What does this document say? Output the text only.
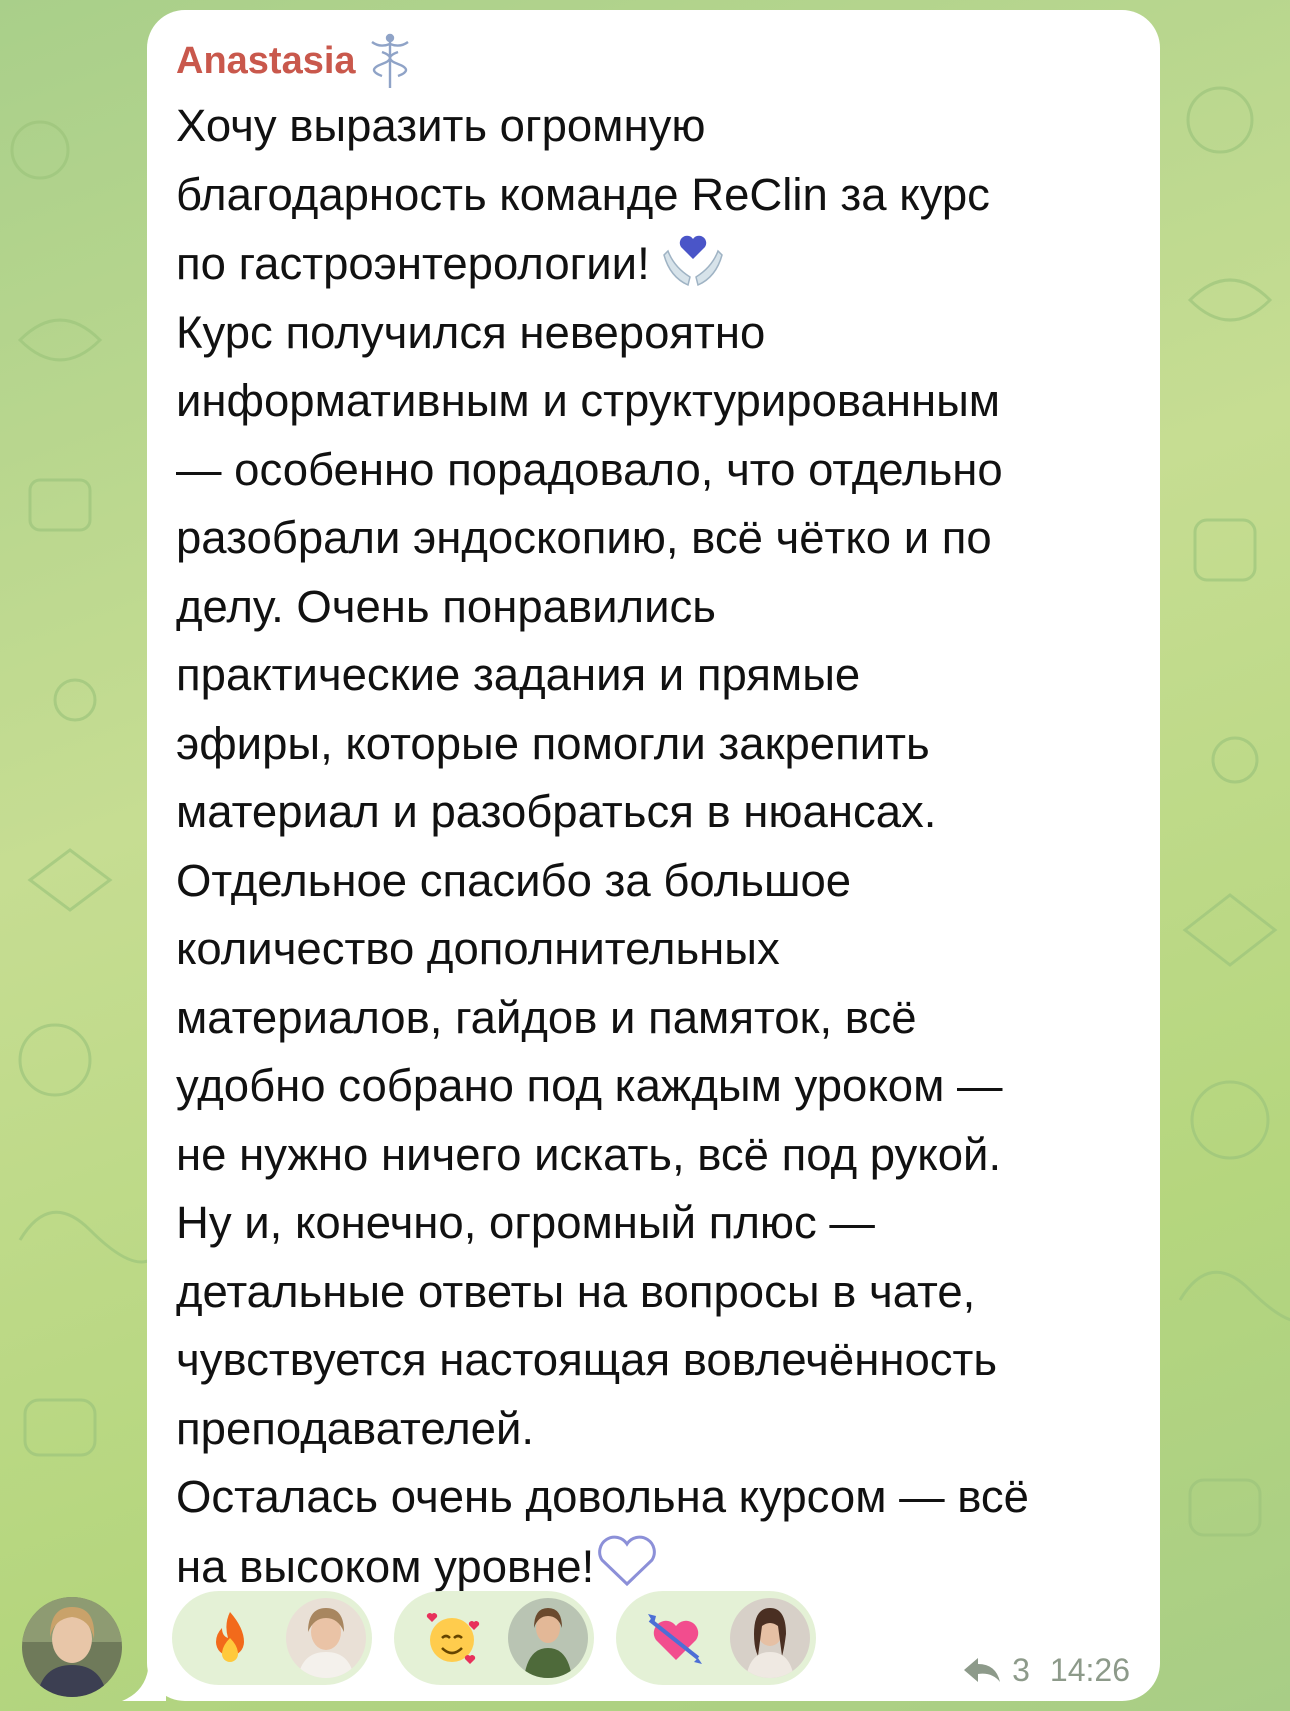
Anastasia

Хочу выразить огромную

благодарность команде ReClin за курс

по гастроэнтерологии!

Курс получился невероятно

информативным и структурированным

— особенно порадовало, что отдельно

разобрали эндоскопию, всё чётко и по

делу. Очень понравились

практические задания и прямые

эфиры, которые помогли закрепить

материал и разобраться в нюансах.

Отдельное спасибо за большое

количество дополнительных

материалов, гайдов и памяток, всё

удобно собрано под каждым уроком —

не нужно ничего искать, всё под рукой.

Ну и, конечно, огромный плюс —

детальные ответы на вопросы в чате,

чувствуется настоящая вовлечённость

преподавателей.

Осталась очень довольна курсом — всё

на высоком уровне!

3 14:26
